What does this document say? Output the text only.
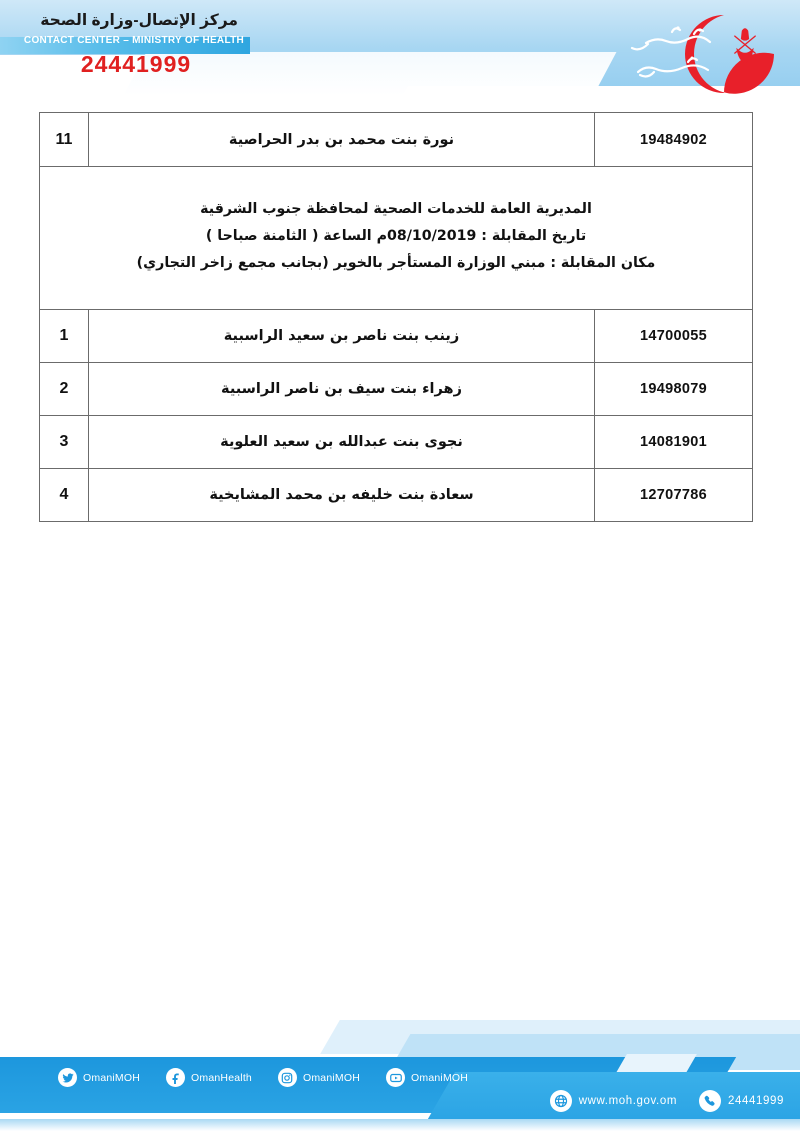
مركز الإتصال-وزارة الصحة
CONTACT CENTER – MINISTRY OF HEALTH
24441999
19484902	نورة بنت محمد بن بدر الحراصية	11

المديرية العامة للخدمات الصحية لمحافظة جنوب الشرقية
تاريخ المقابلة : 08/10/2019م الساعة ( الثامنة صباحا )
مكان المقابلة : مبني الوزارة المستأجر بالخوير (بجانب مجمع زاخر التجاري)		

14700055	زينب بنت ناصر بن سعيد الراسبية	1
19498079	زهراء بنت سيف بن ناصر الراسبية	2
14081901	نجوى بنت عبدالله بن سعيد العلوية	3
12707786	سعادة بنت خليفه بن محمد المشايخية	4
OmaniMOH	OmanHealth	OmaniMOH	OmaniMOH
www.moh.gov.om	24441999
